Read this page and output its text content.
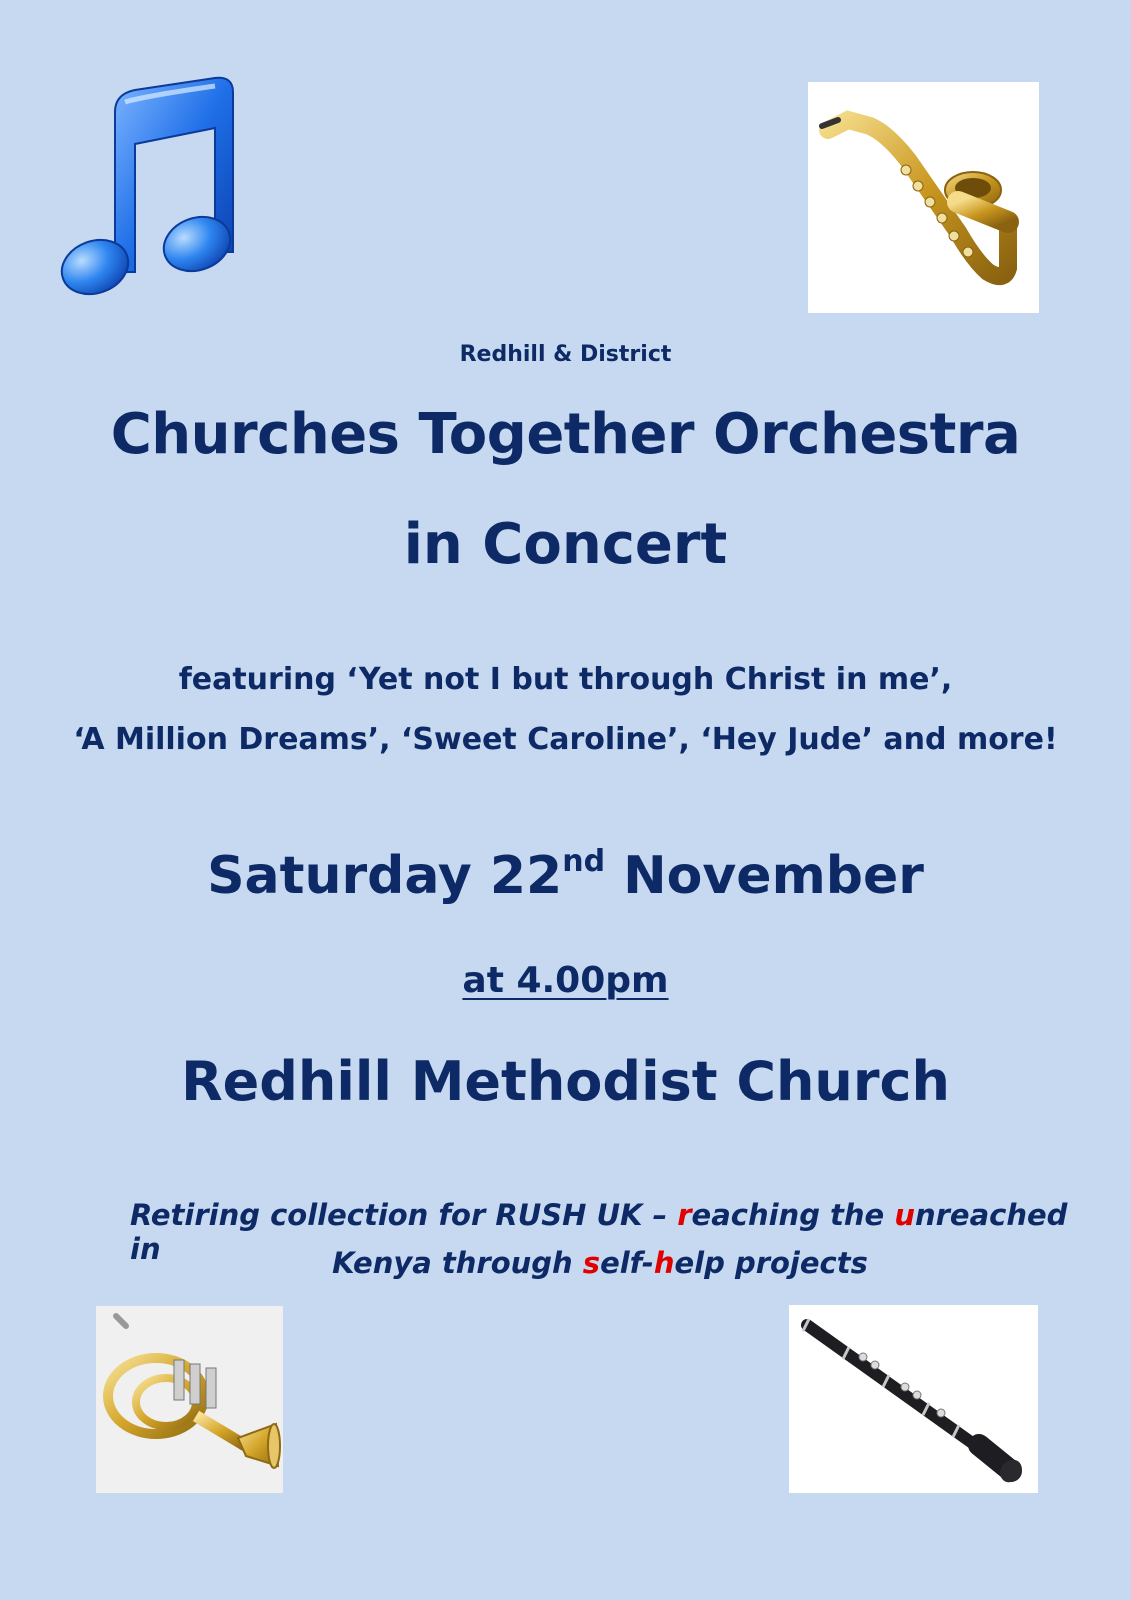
Redhill & District
Churches Together Orchestra
in Concert
featuring ‘Yet not I but through Christ in me’,
‘A Million Dreams’, ‘Sweet Caroline’, ‘Hey Jude’ and more!
Saturday 22nd November
at 4.00pm
Redhill Methodist Church
Retiring collection for RUSH UK – reaching the unreached in	Kenya through self-help projects
